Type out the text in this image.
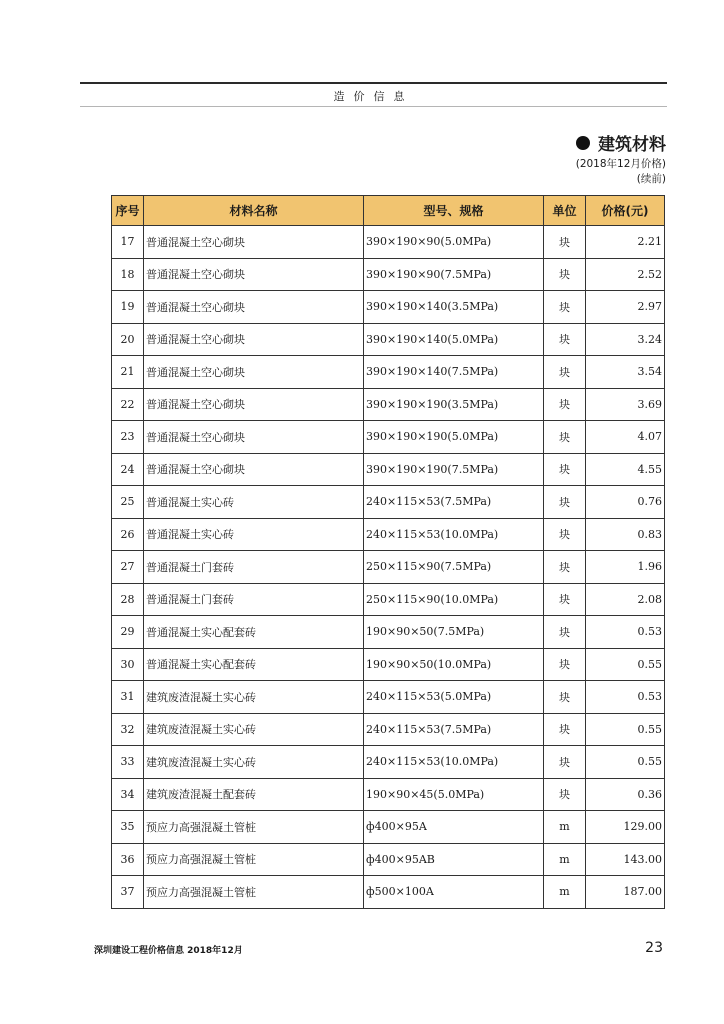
造价信息
建筑材料
(2018年12月价格)
(续前)
序号	材料名称	型号、规格	单位	价格(元)
17	普通混凝土空心砌块	390×190×90(5.0MPa)	块	2.21
18	普通混凝土空心砌块	390×190×90(7.5MPa)	块	2.52
19	普通混凝土空心砌块	390×190×140(3.5MPa)	块	2.97
20	普通混凝土空心砌块	390×190×140(5.0MPa)	块	3.24
21	普通混凝土空心砌块	390×190×140(7.5MPa)	块	3.54
22	普通混凝土空心砌块	390×190×190(3.5MPa)	块	3.69
23	普通混凝土空心砌块	390×190×190(5.0MPa)	块	4.07
24	普通混凝土空心砌块	390×190×190(7.5MPa)	块	4.55
25	普通混凝土实心砖	240×115×53(7.5MPa)	块	0.76
26	普通混凝土实心砖	240×115×53(10.0MPa)	块	0.83
27	普通混凝土门套砖	250×115×90(7.5MPa)	块	1.96
28	普通混凝土门套砖	250×115×90(10.0MPa)	块	2.08
29	普通混凝土实心配套砖	190×90×50(7.5MPa)	块	0.53
30	普通混凝土实心配套砖	190×90×50(10.0MPa)	块	0.55
31	建筑废渣混凝土实心砖	240×115×53(5.0MPa)	块	0.53
32	建筑废渣混凝土实心砖	240×115×53(7.5MPa)	块	0.55
33	建筑废渣混凝土实心砖	240×115×53(10.0MPa)	块	0.55
34	建筑废渣混凝土配套砖	190×90×45(5.0MPa)	块	0.36
35	预应力高强混凝土管桩	ф400×95A	m	129.00
36	预应力高强混凝土管桩	ф400×95AB	m	143.00
37	预应力高强混凝土管桩	ф500×100A	m	187.00
深圳建设工程价格信息 2018年12月	23
